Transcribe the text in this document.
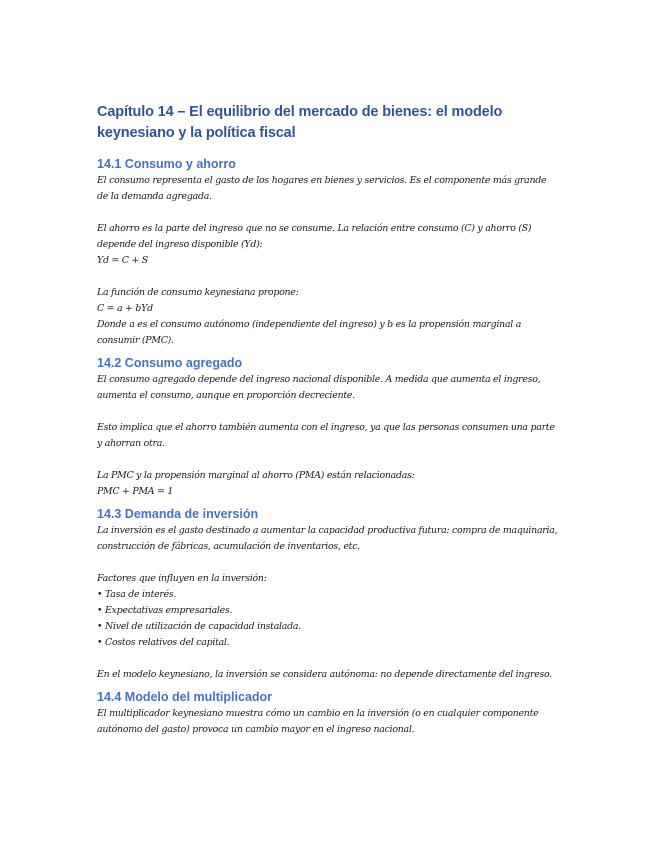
Capítulo 14 – El equilibrio del mercado de bienes: el modelo keynesiano y la política fiscal
14.1 Consumo y ahorro

El consumo representa el gasto de los hogares en bienes y servicios. Es el componente más grande de la demanda agregada.

El ahorro es la parte del ingreso que no se consume. La relación entre consumo (C) y ahorro (S) depende del ingreso disponible (Yd):

Yd = C + S

La función de consumo keynesiana propone:

C = a + bYd

Donde a es el consumo autónomo (independiente del ingreso) y b es la propensión marginal a consumir (PMC).

14.2 Consumo agregado

El consumo agregado depende del ingreso nacional disponible. A medida que aumenta el ingreso, aumenta el consumo, aunque en proporción decreciente.

Esto implica que el ahorro también aumenta con el ingreso, ya que las personas consumen una parte y ahorran otra.

La PMC y la propensión marginal al ahorro (PMA) están relacionadas:

PMC + PMA = 1

14.3 Demanda de inversión

La inversión es el gasto destinado a aumentar la capacidad productiva futura: compra de maquinaria, construcción de fábricas, acumulación de inventarios, etc.

Factores que influyen en la inversión:

• Tasa de interés.
• Expectativas empresariales.
• Nivel de utilización de capacidad instalada.
• Costos relativos del capital.

En el modelo keynesiano, la inversión se considera autónoma: no depende directamente del ingreso.

14.4 Modelo del multiplicador

El multiplicador keynesiano muestra cómo un cambio en la inversión (o en cualquier componente autónomo del gasto) provoca un cambio mayor en el ingreso nacional.
